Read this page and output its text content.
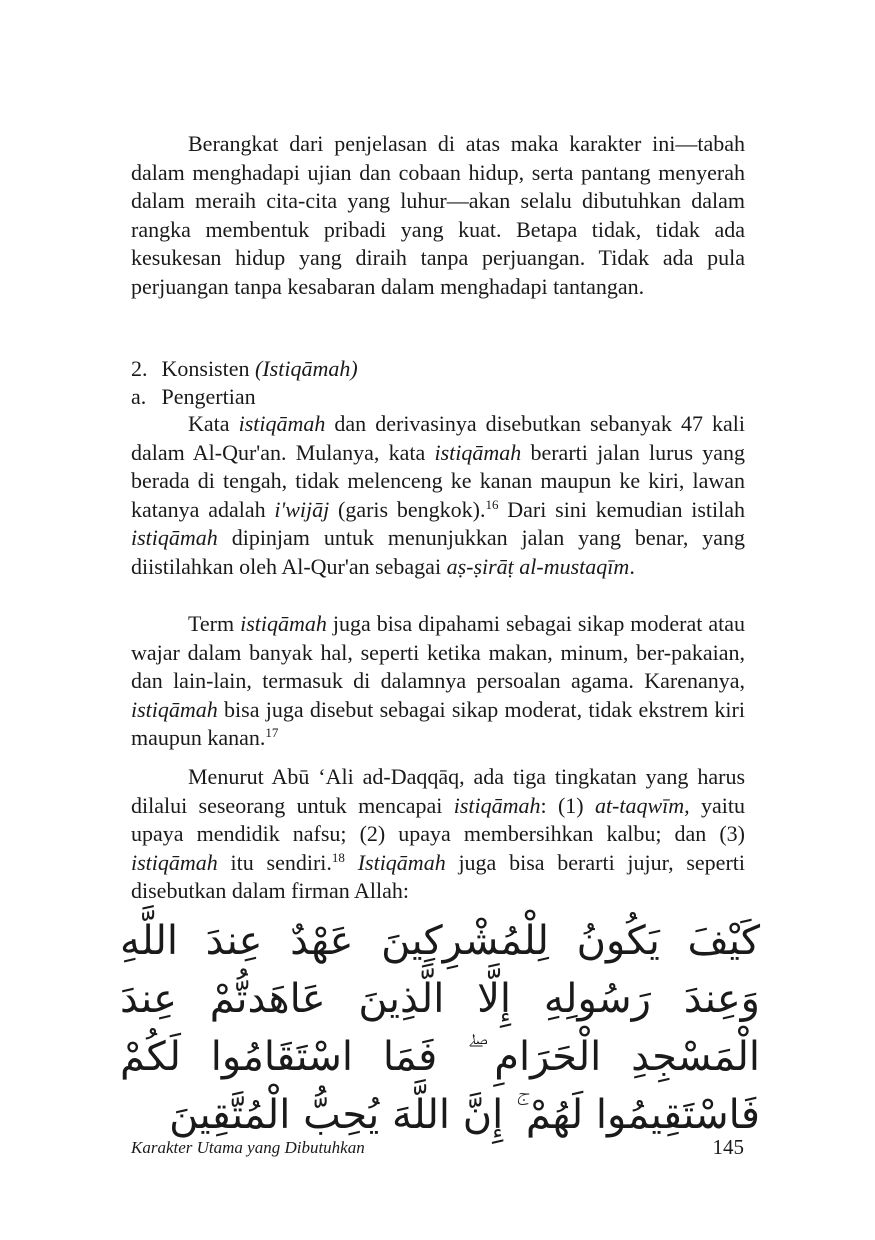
Berangkat dari penjelasan di atas maka karakter ini—tabah dalam menghadapi ujian dan cobaan hidup, serta pantang menyerah dalam meraih cita-cita yang luhur—akan selalu dibutuhkan dalam rangka membentuk pribadi yang kuat. Betapa tidak, tidak ada kesukesan hidup yang diraih tanpa perjuangan. Tidak ada pula perjuangan tanpa kesabaran dalam menghadapi tantangan.

2. Konsisten (Istiqāmah)

a. Pengertian

Kata istiqāmah dan derivasinya disebutkan sebanyak 47 kali dalam Al-Qur'an. Mulanya, kata istiqāmah berarti jalan lurus yang berada di tengah, tidak melenceng ke kanan maupun ke kiri, lawan katanya adalah i'wijāj (garis bengkok).$^{16}$ Dari sini kemudian istilah istiqāmah dipinjam untuk menunjukkan jalan yang benar, yang diistilahkan oleh Al-Qur'an sebagai aṣ-ṣirāṭ al-mustaqīm.

Term istiqāmah juga bisa dipahami sebagai sikap moderat atau wajar dalam banyak hal, seperti ketika makan, minum, ber-pakaian, dan lain-lain, termasuk di dalamnya persoalan agama. Karenanya, istiqāmah bisa juga disebut sebagai sikap moderat, tidak ekstrem kiri maupun kanan.$^{17}$

Menurut Abū ‘Ali ad-Daqqāq, ada tiga tingkatan yang harus dilalui seseorang untuk mencapai istiqāmah: (1) at-taqwīm, yaitu upaya mendidik nafsu; (2) upaya membersihkan kalbu; dan (3) istiqāmah itu sendiri.$^{18}$ Istiqāmah juga bisa berarti jujur, seperti disebutkan dalam firman Allah:

كَيْفَ يَكُونُ لِلْمُشْرِكِينَ عَهْدٌ عِندَ اللَّهِ وَعِندَ رَسُولِهِ إِلَّا الَّذِينَ عَاهَدتُّمْ عِندَ الْمَسْجِدِ الْحَرَامِ ۖ فَمَا اسْتَقَامُوا لَكُمْ فَاسْتَقِيمُوا لَهُمْ ۚ إِنَّ اللَّهَ يُحِبُّ الْمُتَّقِينَ

Karakter Utama yang Dibutuhkan	145
